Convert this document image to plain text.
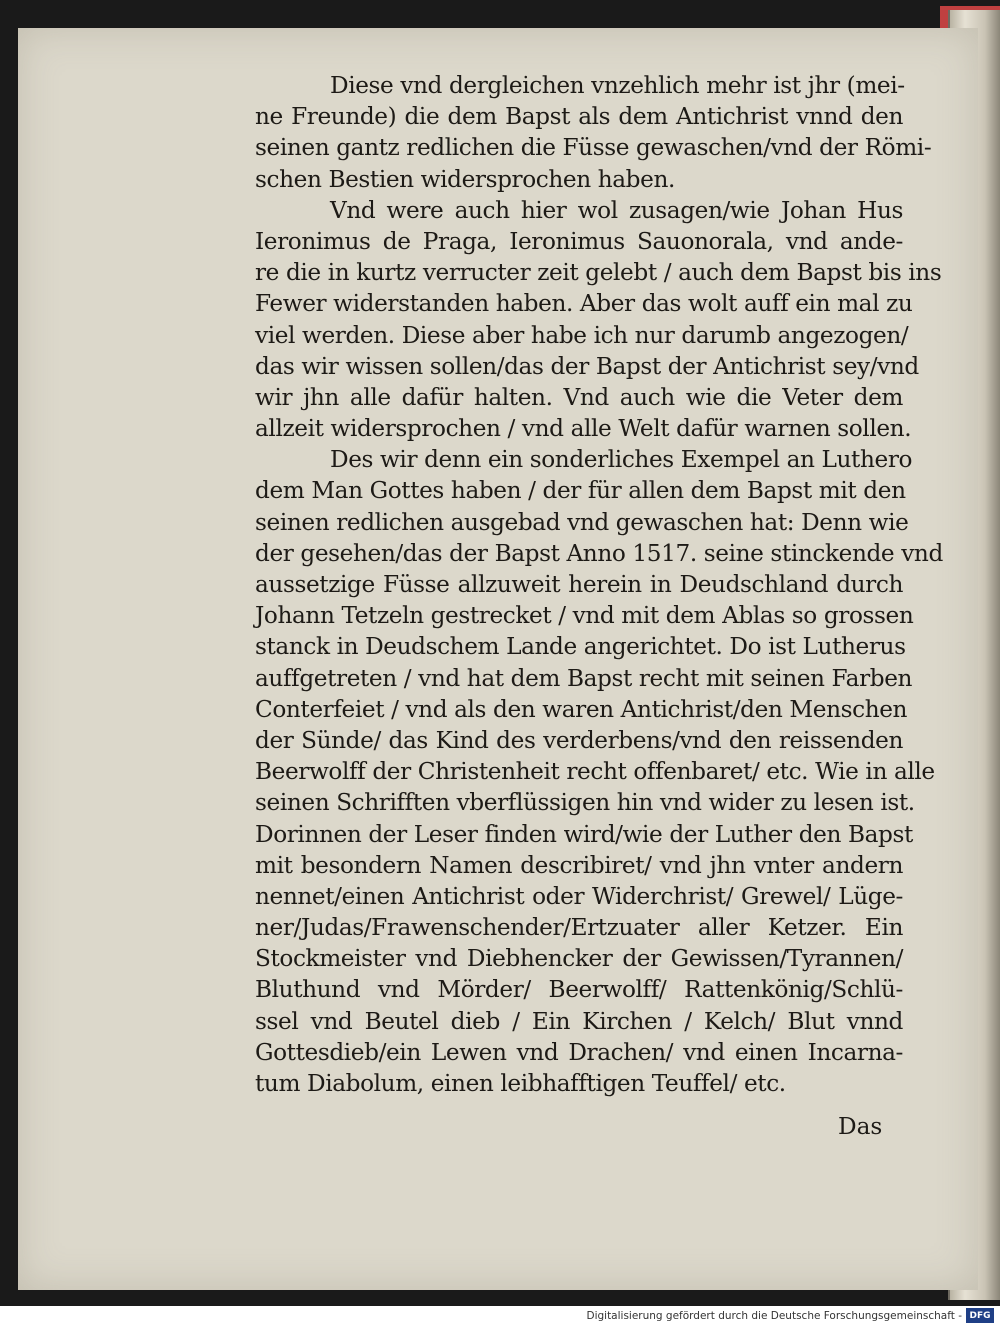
Diese vnd dergleichen vnzehlich mehr ist jhr (mei-
ne Freunde) die dem Bapst als dem Antichrist vnnd den
seinen gantz redlichen die Füsse gewaschen/vnd der Römi-
schen Bestien widersprochen haben.
Vnd were auch hier wol zusagen/wie Johan Hus
Ieronimus de Praga, Ieronimus Sauonorala, vnd ande-
re die in kurtz verructer zeit gelebt / auch dem Bapst bis ins
Fewer widerstanden haben. Aber das wolt auff ein mal zu
viel werden. Diese aber habe ich nur darumb angezogen/
das wir wissen sollen/das der Bapst der Antichrist sey/vnd
wir jhn alle dafür halten. Vnd auch wie die Veter dem
allzeit widersprochen / vnd alle Welt dafür warnen sollen.
Des wir denn ein sonderliches Exempel an Luthero
dem Man Gottes haben / der für allen dem Bapst mit den
seinen redlichen ausgebad vnd gewaschen hat: Denn wie
der gesehen/das der Bapst Anno 1517. seine stinckende vnd
aussetzige Füsse allzuweit herein in Deudschland durch
Johann Tetzeln gestrecket / vnd mit dem Ablas so grossen
stanck in Deudschem Lande angerichtet. Do ist Lutherus
auffgetreten / vnd hat dem Bapst recht mit seinen Farben
Conterfeiet / vnd als den waren Antichrist/den Menschen
der Sünde/ das Kind des verderbens/vnd den reissenden
Beerwolff der Christenheit recht offenbaret/ etc. Wie in alle
seinen Schrifften vberflüssigen hin vnd wider zu lesen ist.
Dorinnen der Leser finden wird/wie der Luther den Bapst
mit besondern Namen describiret/ vnd jhn vnter andern
nennet/einen Antichrist oder Widerchrist/ Grewel/ Lüge-
ner/Judas/Frawenschender/Ertzuater aller Ketzer. Ein
Stockmeister vnd Diebhencker der Gewissen/Tyrannen/
Bluthund vnd Mörder/ Beerwolff/ Rattenkönig/Schlü-
ssel vnd Beutel dieb / Ein Kirchen / Kelch/ Blut vnnd
Gottesdieb/ein Lewen vnd Drachen/ vnd einen Incarna-
tum Diabolum, einen leibhafftigen Teuffel/ etc.
Das
Digitalisierung gefördert durch die Deutsche Forschungsgemeinschaft - DFG
